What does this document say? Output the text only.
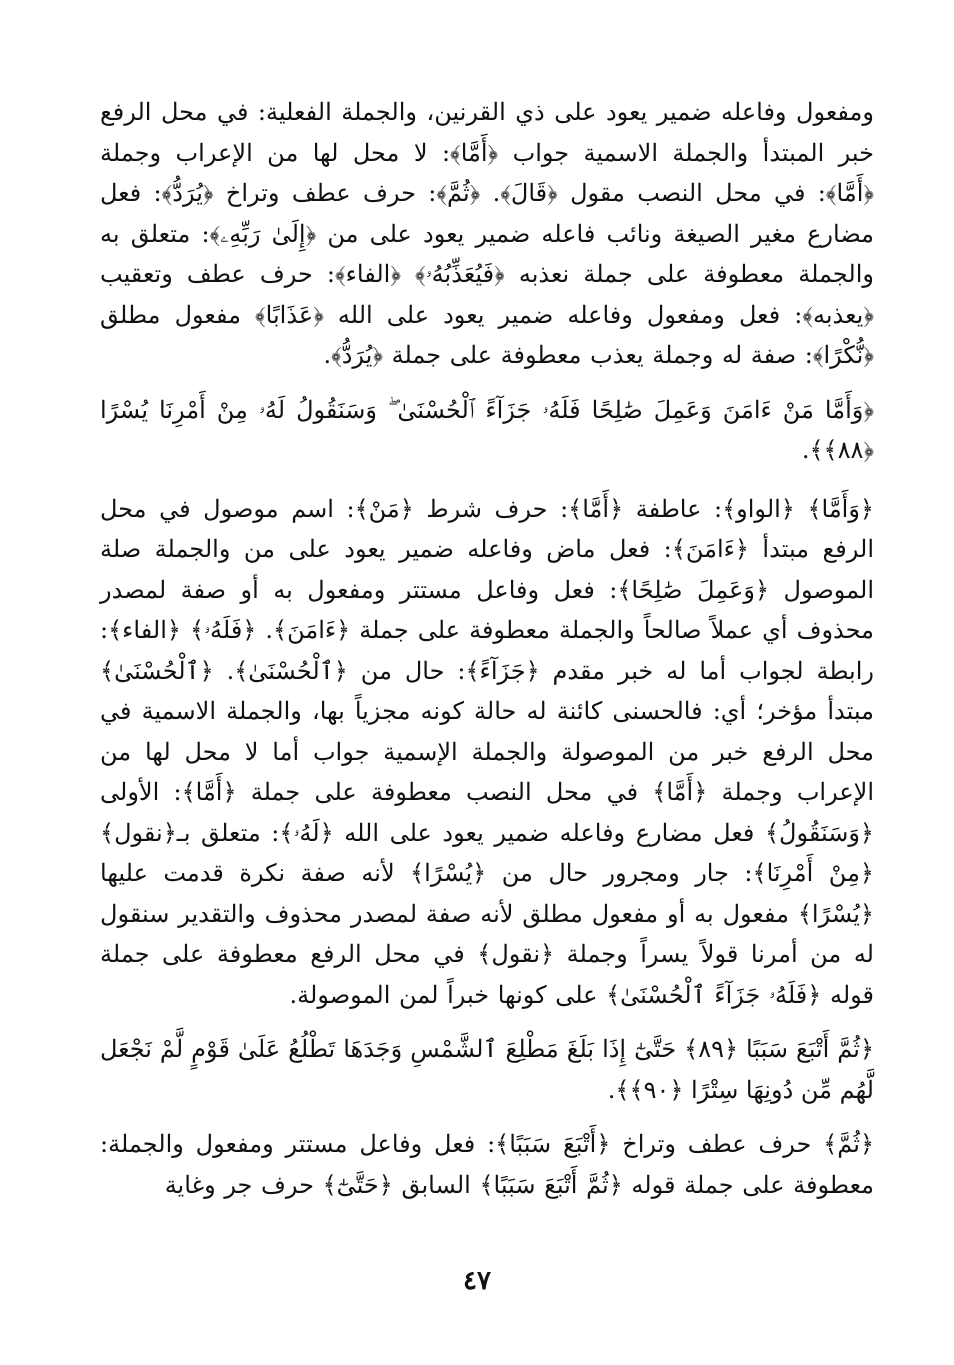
ومفعول وفاعله ضمير يعود على ذي القرنين، والجملة الفعلية: في محل الرفع خبر المبتدأ والجملة الاسمية جواب ﴿أَمَّا﴾: لا محل لها من الإعراب وجملة ﴿أَمَّا﴾: في محل النصب مقول ﴿قَالَ﴾. ﴿ثُمَّ﴾: حرف عطف وتراخ ﴿يُرَدُّ﴾: فعل مضارع مغير الصيغة ونائب فاعله ضمير يعود على من ﴿إِلَىٰ رَبِّهِۦ﴾: متعلق به والجملة معطوفة على جملة نعذبه ﴿فَيُعَذِّبُهُۥ﴾ ﴿الفاء﴾: حرف عطف وتعقيب ﴿يعذبه﴾: فعل ومفعول وفاعله ضمير يعود على الله ﴿عَذَابًا﴾ مفعول مطلق ﴿نُّكْرًا﴾: صفة له وجملة يعذب معطوفة على جملة ﴿يُرَدُّ﴾.

﴿وَأَمَّا مَنْ ءَامَنَ وَعَمِلَ صَٰلِحًا فَلَهُۥ جَزَآءً ٱلْحُسْنَىٰ ۖ وَسَنَقُولُ لَهُۥ مِنْ أَمْرِنَا يُسْرًا ﴿٨٨﴾﴾.

﴿وَأَمَّا﴾ ﴿الواو﴾: عاطفة ﴿أَمَّا﴾: حرف شرط ﴿مَنْ﴾: اسم موصول في محل الرفع مبتدأ ﴿ءَامَنَ﴾: فعل ماض وفاعله ضمير يعود على من والجملة صلة الموصول ﴿وَعَمِلَ صَٰلِحًا﴾: فعل وفاعل مستتر ومفعول به أو صفة لمصدر محذوف أي عملاً صالحاً والجملة معطوفة على جملة ﴿ءَامَنَ﴾. ﴿فَلَهُۥ﴾ ﴿الفاء﴾: رابطة لجواب أما له خبر مقدم ﴿جَزَآءً﴾: حال من ﴿ٱلْحُسْنَىٰ﴾. ﴿ٱلْحُسْنَىٰ﴾ مبتدأ مؤخر؛ أي: فالحسنى كائنة له حالة كونه مجزياً بها، والجملة الاسمية في محل الرفع خبر من الموصولة والجملة الإسمية جواب أما لا محل لها من الإعراب وجملة ﴿أَمَّا﴾ في محل النصب معطوفة على جملة ﴿أَمَّا﴾: الأولى ﴿وَسَنَقُولُ﴾ فعل مضارع وفاعله ضمير يعود على الله ﴿لَهُۥ﴾: متعلق بـ﴿نقول﴾ ﴿مِنْ أَمْرِنَا﴾: جار ومجرور حال من ﴿يُسْرًا﴾ لأنه صفة نكرة قدمت عليها ﴿يُسْرًا﴾ مفعول به أو مفعول مطلق لأنه صفة لمصدر محذوف والتقدير سنقول له من أمرنا قولاً يسراً وجملة ﴿نقول﴾ في محل الرفع معطوفة على جملة قوله ﴿فَلَهُۥ جَزَآءً ٱلْحُسْنَىٰ﴾ على كونها خبراً لمن الموصولة.

﴿ثُمَّ أَتْبَعَ سَبَبًا ﴿٨٩﴾ حَتَّىٰٓ إِذَا بَلَغَ مَطْلِعَ ٱلشَّمْسِ وَجَدَهَا تَطْلُعُ عَلَىٰ قَوْمٍ لَّمْ نَجْعَل لَّهُم مِّن دُونِهَا سِتْرًا ﴿٩٠﴾﴾.

﴿ثُمَّ﴾ حرف عطف وتراخ ﴿أَتْبَعَ سَبَبًا﴾: فعل وفاعل مستتر ومفعول والجملة: معطوفة على جملة قوله ﴿ثُمَّ أَتْبَعَ سَبَبًا﴾ السابق ﴿حَتَّىٰٓ﴾ حرف جر وغاية

٤٧
